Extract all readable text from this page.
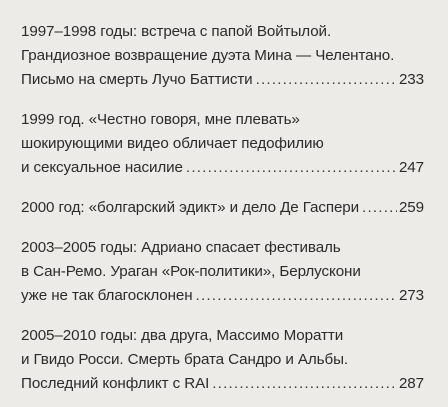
1997–1998 годы: встреча с папой Войтылой.
Грандиозное возвращение дуэта Мина — Челентано.
Письмо на смерть Лучо Баттисти .....	233
1999 год. «Честно говоря, мне плевать»
шокирующими видео обличает педофилию
и сексуальное насилие .....	247
2000 год: «болгарский эдикт» и дело Де Гаспери .....	259
2003–2005 годы: Адриано спасает фестиваль
в Сан-Ремо. Ураган «Рок-политики», Берлускони
уже не так благосклонен .....	273
2005–2010 годы: два друга, Массимо Моратти
и Гвидо Росси. Смерть брата Сандро и Альбы.
Последний конфликт с RAI .....	287
